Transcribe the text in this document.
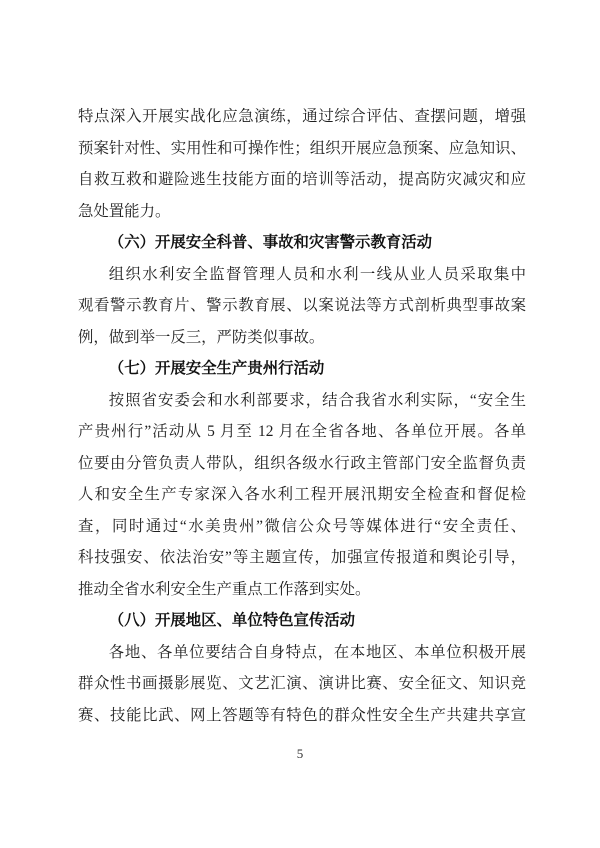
特点深入开展实战化应急演练，通过综合评估、查摆问题，增强
预案针对性、实用性和可操作性；组织开展应急预案、应急知识、
自救互救和避险逃生技能方面的培训等活动，提高防灾减灾和应
急处置能力。
（六）开展安全科普、事故和灾害警示教育活动
组织水利安全监督管理人员和水利一线从业人员采取集中
观看警示教育片、警示教育展、以案说法等方式剖析典型事故案
例，做到举一反三，严防类似事故。
（七）开展安全生产贵州行活动
按照省安委会和水利部要求，结合我省水利实际，“安全生
产贵州行”活动从 5 月至 12 月在全省各地、各单位开展。各单
位要由分管负责人带队，组织各级水行政主管部门安全监督负责
人和安全生产专家深入各水利工程开展汛期安全检查和督促检
查，同时通过“水美贵州”微信公众号等媒体进行“安全责任、
科技强安、依法治安”等主题宣传，加强宣传报道和舆论引导，
推动全省水利安全生产重点工作落到实处。
（八）开展地区、单位特色宣传活动
各地、各单位要结合自身特点，在本地区、本单位积极开展
群众性书画摄影展览、文艺汇演、演讲比赛、安全征文、知识竞
赛、技能比武、网上答题等有特色的群众性安全生产共建共享宣
5
